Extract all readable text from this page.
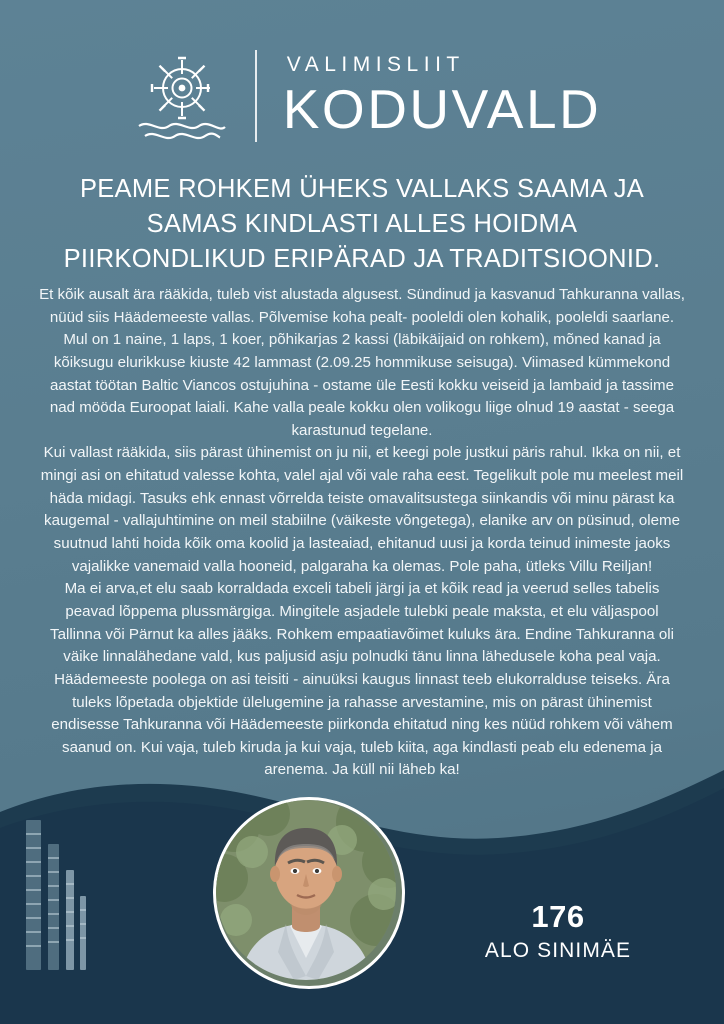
VALIMISLIIT
KODUVALD
PEAME ROHKEM ÜHEKS VALLAKS SAAMA JA SAMAS KINDLASTI ALLES HOIDMA PIIRKONDLIKUD ERIPÄRAD JA TRADITSIOONID.

Et kõik ausalt ära rääkida, tuleb vist alustada algusest. Sündinud ja kasvanud Tahkuranna vallas, nüüd siis Häädemeeste vallas. Põlvemise koha pealt- pooleldi olen kohalik, pooleldi saarlane. Mul on 1 naine, 1 laps, 1 koer, põhikarjas 2 kassi (läbikäijaid on rohkem), mõned kanad ja kõiksugu elurikkuse kiuste 42 lammast (2.09.25 hommikuse seisuga). Viimased kümmekond aastat töötan Baltic Viancos ostujuhina - ostame üle Eesti kokku veiseid ja lambaid ja tassime nad mööda Euroopat laiali. Kahe valla peale kokku olen volikogu liige olnud 19 aastat - seega karastunud tegelane.

Kui vallast rääkida, siis pärast ühinemist on ju nii, et keegi pole justkui päris rahul. Ikka on nii, et mingi asi on ehitatud valesse kohta, valel ajal või vale raha eest. Tegelikult pole mu meelest meil häda midagi. Tasuks ehk ennast võrrelda teiste omavalitsustega siinkandis või minu pärast ka kaugemal - vallajuhtimine on meil stabiilne (väikeste võngetega), elanike arv on püsinud, oleme suutnud lahti hoida kõik oma koolid ja lasteaiad, ehitanud uusi ja korda teinud inimeste jaoks vajalikke vanemaid valla hooneid, palgaraha ka olemas. Pole paha, ütleks Villu Reiljan!

Ma ei arva,et elu saab korraldada exceli tabeli järgi ja et kõik read ja veerud selles tabelis peavad lõppema plussmärgiga. Mingitele asjadele tulebki peale maksta, et elu väljaspool Tallinna või Pärnut ka alles jääks. Rohkem empaatiavõimet kuluks ära. Endine Tahkuranna oli väike linnalähedane vald, kus paljusid asju polnudki tänu linna lähedusele koha peal vaja. Häädemeeste poolega on asi teisiti - ainuüksi kaugus linnast teeb elukorralduse teiseks. Ära tuleks lõpetada objektide ülelugemine ja rahasse arvestamine, mis on pärast ühinemist endisesse Tahkuranna või Häädemeeste piirkonda ehitatud ning kes nüüd rohkem või vähem saanud on. Kui vaja, tuleb kiruda ja kui vaja, tuleb kiita, aga kindlasti peab elu edenema ja arenema. Ja küll nii läheb ka!

176
ALO SINIMÄE
